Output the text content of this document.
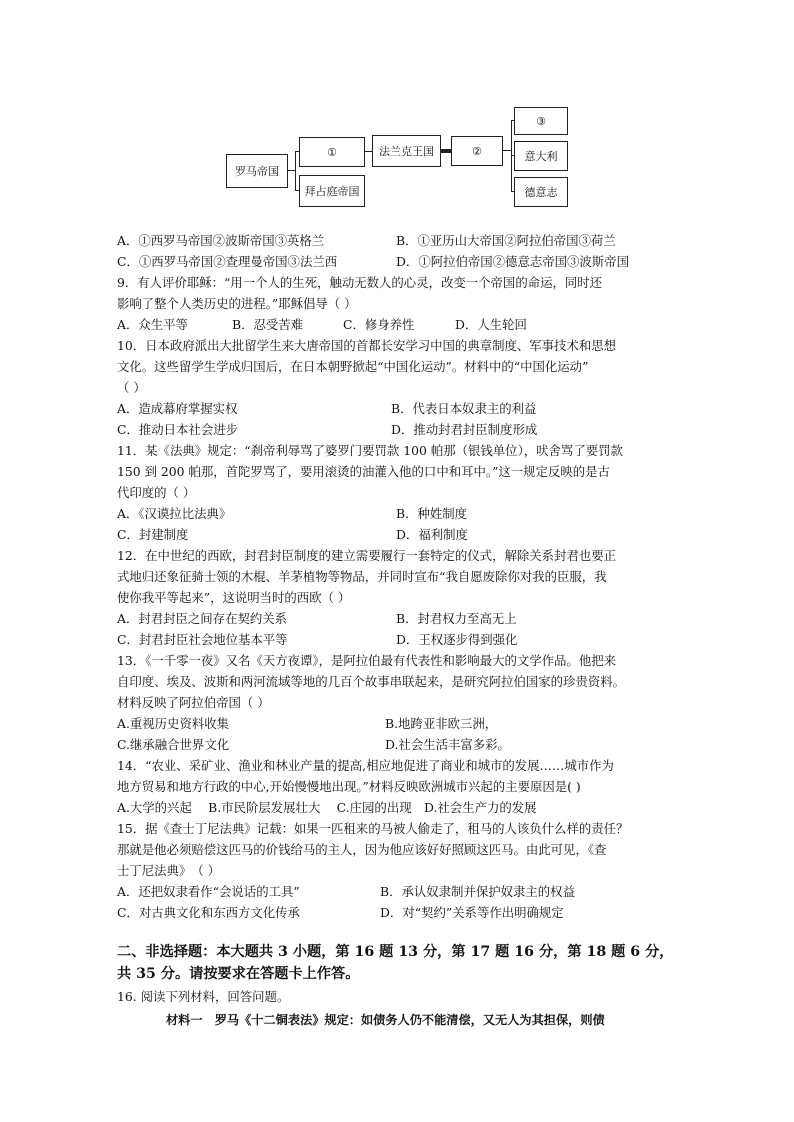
罗马帝国
①
拜占庭帝国
法兰克王国	②
③
意大利
德意志
A．①西罗马帝国②波斯帝国③英格兰	B．①亚历山大帝国②阿拉伯帝国③荷兰
C．①西罗马帝国②查理曼帝国③法兰西	D．①阿拉伯帝国②德意志帝国③波斯帝国
9．有人评价耶稣：“用一个人的生死，触动无数人的心灵，改变一个帝国的命运，同时还
影响了整个人类历史的进程。”耶稣倡导（ ）
A．众生平等	B．忍受苦难	C．修身养性	D．人生轮回
10．日本政府派出大批留学生来大唐帝国的首都长安学习中国的典章制度、军事技术和思想
文化。这些留学生学成归国后，在日本朝野掀起“中国化运动”。材料中的“中国化运动”
（ ）
A．造成幕府掌握实权	B．代表日本奴隶主的利益
C．推动日本社会进步	D．推动封君封臣制度形成
11．某《法典》规定：“刹帝利辱骂了婆罗门要罚款 100 帕那（银钱单位），吠舍骂了要罚款
150 到 200 帕那，首陀罗骂了，要用滚烫的油灌入他的口中和耳中。”这一规定反映的是古
代印度的（ ）
A．《汉谟拉比法典》	B．种姓制度
C．封建制度	D．福利制度
12．在中世纪的西欧，封君封臣制度的建立需要履行一套特定的仪式，解除关系封君也要正
式地归还象征骑士领的木棍、羊茅植物等物品，并同时宣布“我自愿废除你对我的臣服，我
使你我平等起来”，这说明当时的西欧（ ）
A．封君封臣之间存在契约关系	B．封君权力至高无上
C．封君封臣社会地位基本平等	D．王权逐步得到强化
13．《一千零一夜》又名《天方夜谭》，是阿拉伯最有代表性和影响最大的文学作品。他把来
自印度、埃及、波斯和两河流域等地的几百个故事串联起来，是研究阿拉伯国家的珍贵资料。
材料反映了阿拉伯帝国（ ）
A.重视历史资料收集	B.地跨亚非欧三洲，
C.继承融合世界文化	D.社会生活丰富多彩。
14．“农业、采矿业、渔业和林业产量的提高,相应地促进了商业和城市的发展……城市作为
地方贸易和地方行政的中心,开始慢慢地出现。”材料反映欧洲城市兴起的主要原因是( )
A.大学的兴起　 B.市民阶层发展壮大　 C.庄园的出现　D.社会生产力的发展
15．据《查士丁尼法典》记载：如果一匹租来的马被人偷走了，租马的人该负什么样的责任？
那就是他必须赔偿这匹马的价钱给马的主人，因为他应该好好照顾这匹马。由此可见，《查
士丁尼法典》　（ ）
A．还把奴隶看作“会说话的工具”	B．承认奴隶制并保护奴隶主的权益
C．对古典文化和东西方文化传承	D．对“契约”关系等作出明确规定
二、非选择题：本大题共 3 小题，第 16 题 13 分，第 17 题 16 分，第 18 题 6 分，
共 35 分。请按要求在答题卡上作答。
16. 阅读下列材料，回答问题。
材料一　罗马《十二铜表法》规定：如债务人仍不能清偿，又无人为其担保，则债
